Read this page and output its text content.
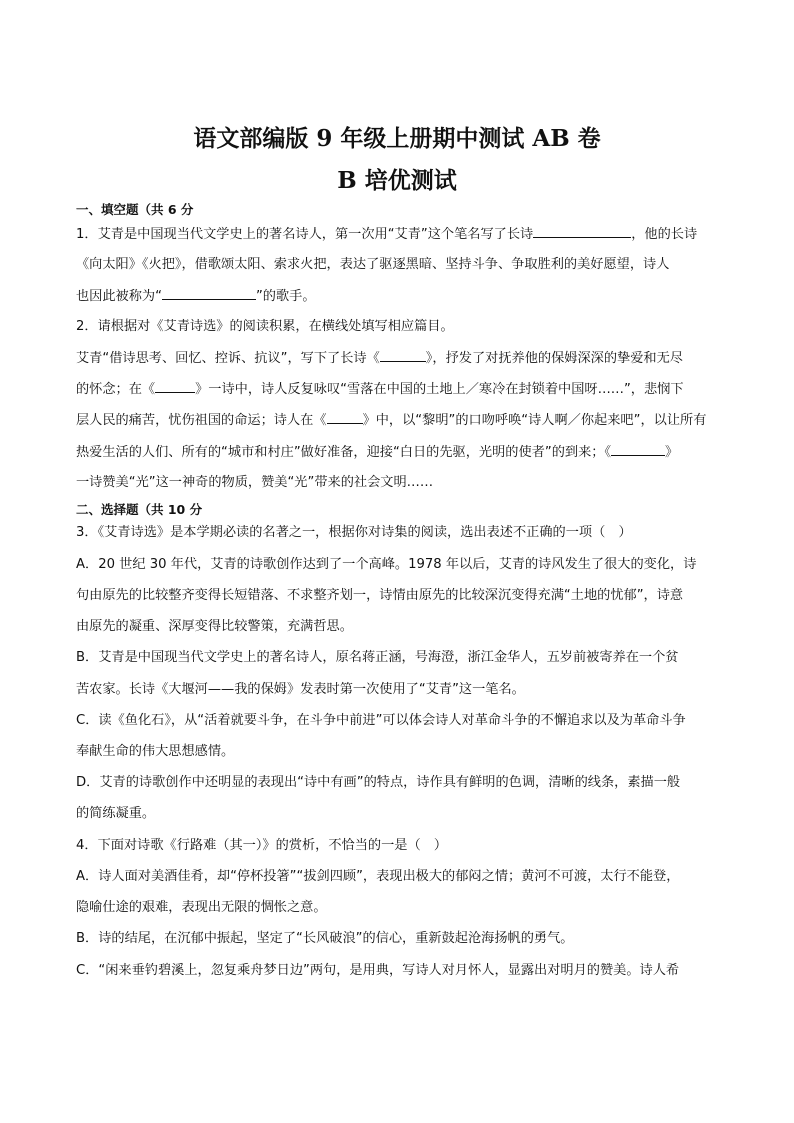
语文部编版 9 年级上册期中测试 AB 卷
B 培优测试
一、填空题（共 6 分
1．艾青是中国现当代文学史上的著名诗人，第一次用“艾青”这个笔名写了长诗	，他的长诗
《向太阳》《火把》，借歌颂太阳、索求火把，表达了驱逐黑暗、坚持斗争、争取胜利的美好愿望，诗人
也因此被称为“	”的歌手。
2．请根据对《艾青诗选》的阅读积累，在横线处填写相应篇目。
艾青“借诗思考、回忆、控诉、抗议”，写下了长诗《	》，抒发了对抚养他的保姆深深的挚爱和无尽
的怀念；在《	》一诗中，诗人反复咏叹“雪落在中国的土地上／寒冷在封锁着中国呀……”，悲悯下
层人民的痛苦，忧伤祖国的命运；诗人在《	》中，以“黎明”的口吻呼唤“诗人啊／你起来吧”，以让所有
热爱生活的人们、所有的“城市和村庄”做好准备，迎接“白日的先驱，光明的使者”的到来；《	》
一诗赞美“光”这一神奇的物质，赞美“光”带来的社会文明……
二、选择题（共 10 分
3．《艾青诗选》是本学期必读的名著之一，根据你对诗集的阅读，选出表述不正确的一项（　）
A．20 世纪 30 年代，艾青的诗歌创作达到了一个高峰。1978 年以后，艾青的诗风发生了很大的变化，诗
句由原先的比较整齐变得长短错落、不求整齐划一，诗情由原先的比较深沉变得充满“土地的忧郁”，诗意
由原先的凝重、深厚变得比较警策，充满哲思。
B．艾青是中国现当代文学史上的著名诗人，原名蒋正涵，号海澄，浙江金华人，五岁前被寄养在一个贫
苦农家。长诗《大堰河——我的保姆》发表时第一次使用了“艾青”这一笔名。
C．读《鱼化石》，从“活着就要斗争，在斗争中前进”可以体会诗人对革命斗争的不懈追求以及为革命斗争
奉献生命的伟大思想感情。
D．艾青的诗歌创作中还明显的表现出“诗中有画”的特点，诗作具有鲜明的色调，清晰的线条，素描一般
的简练凝重。
4．下面对诗歌《行路难（其一）》的赏析，不恰当的一是（　）
A．诗人面对美酒佳肴，却“停杯投箸”“拔剑四顾”，表现出极大的郁闷之情；黄河不可渡，太行不能登，
隐喻仕途的艰难，表现出无限的惆怅之意。
B．诗的结尾，在沉郁中振起，坚定了“长风破浪”的信心，重新鼓起沧海扬帆的勇气。
C．“闲来垂钓碧溪上，忽复乘舟梦日边”两句，是用典，写诗人对月怀人，显露出对明月的赞美。诗人希
